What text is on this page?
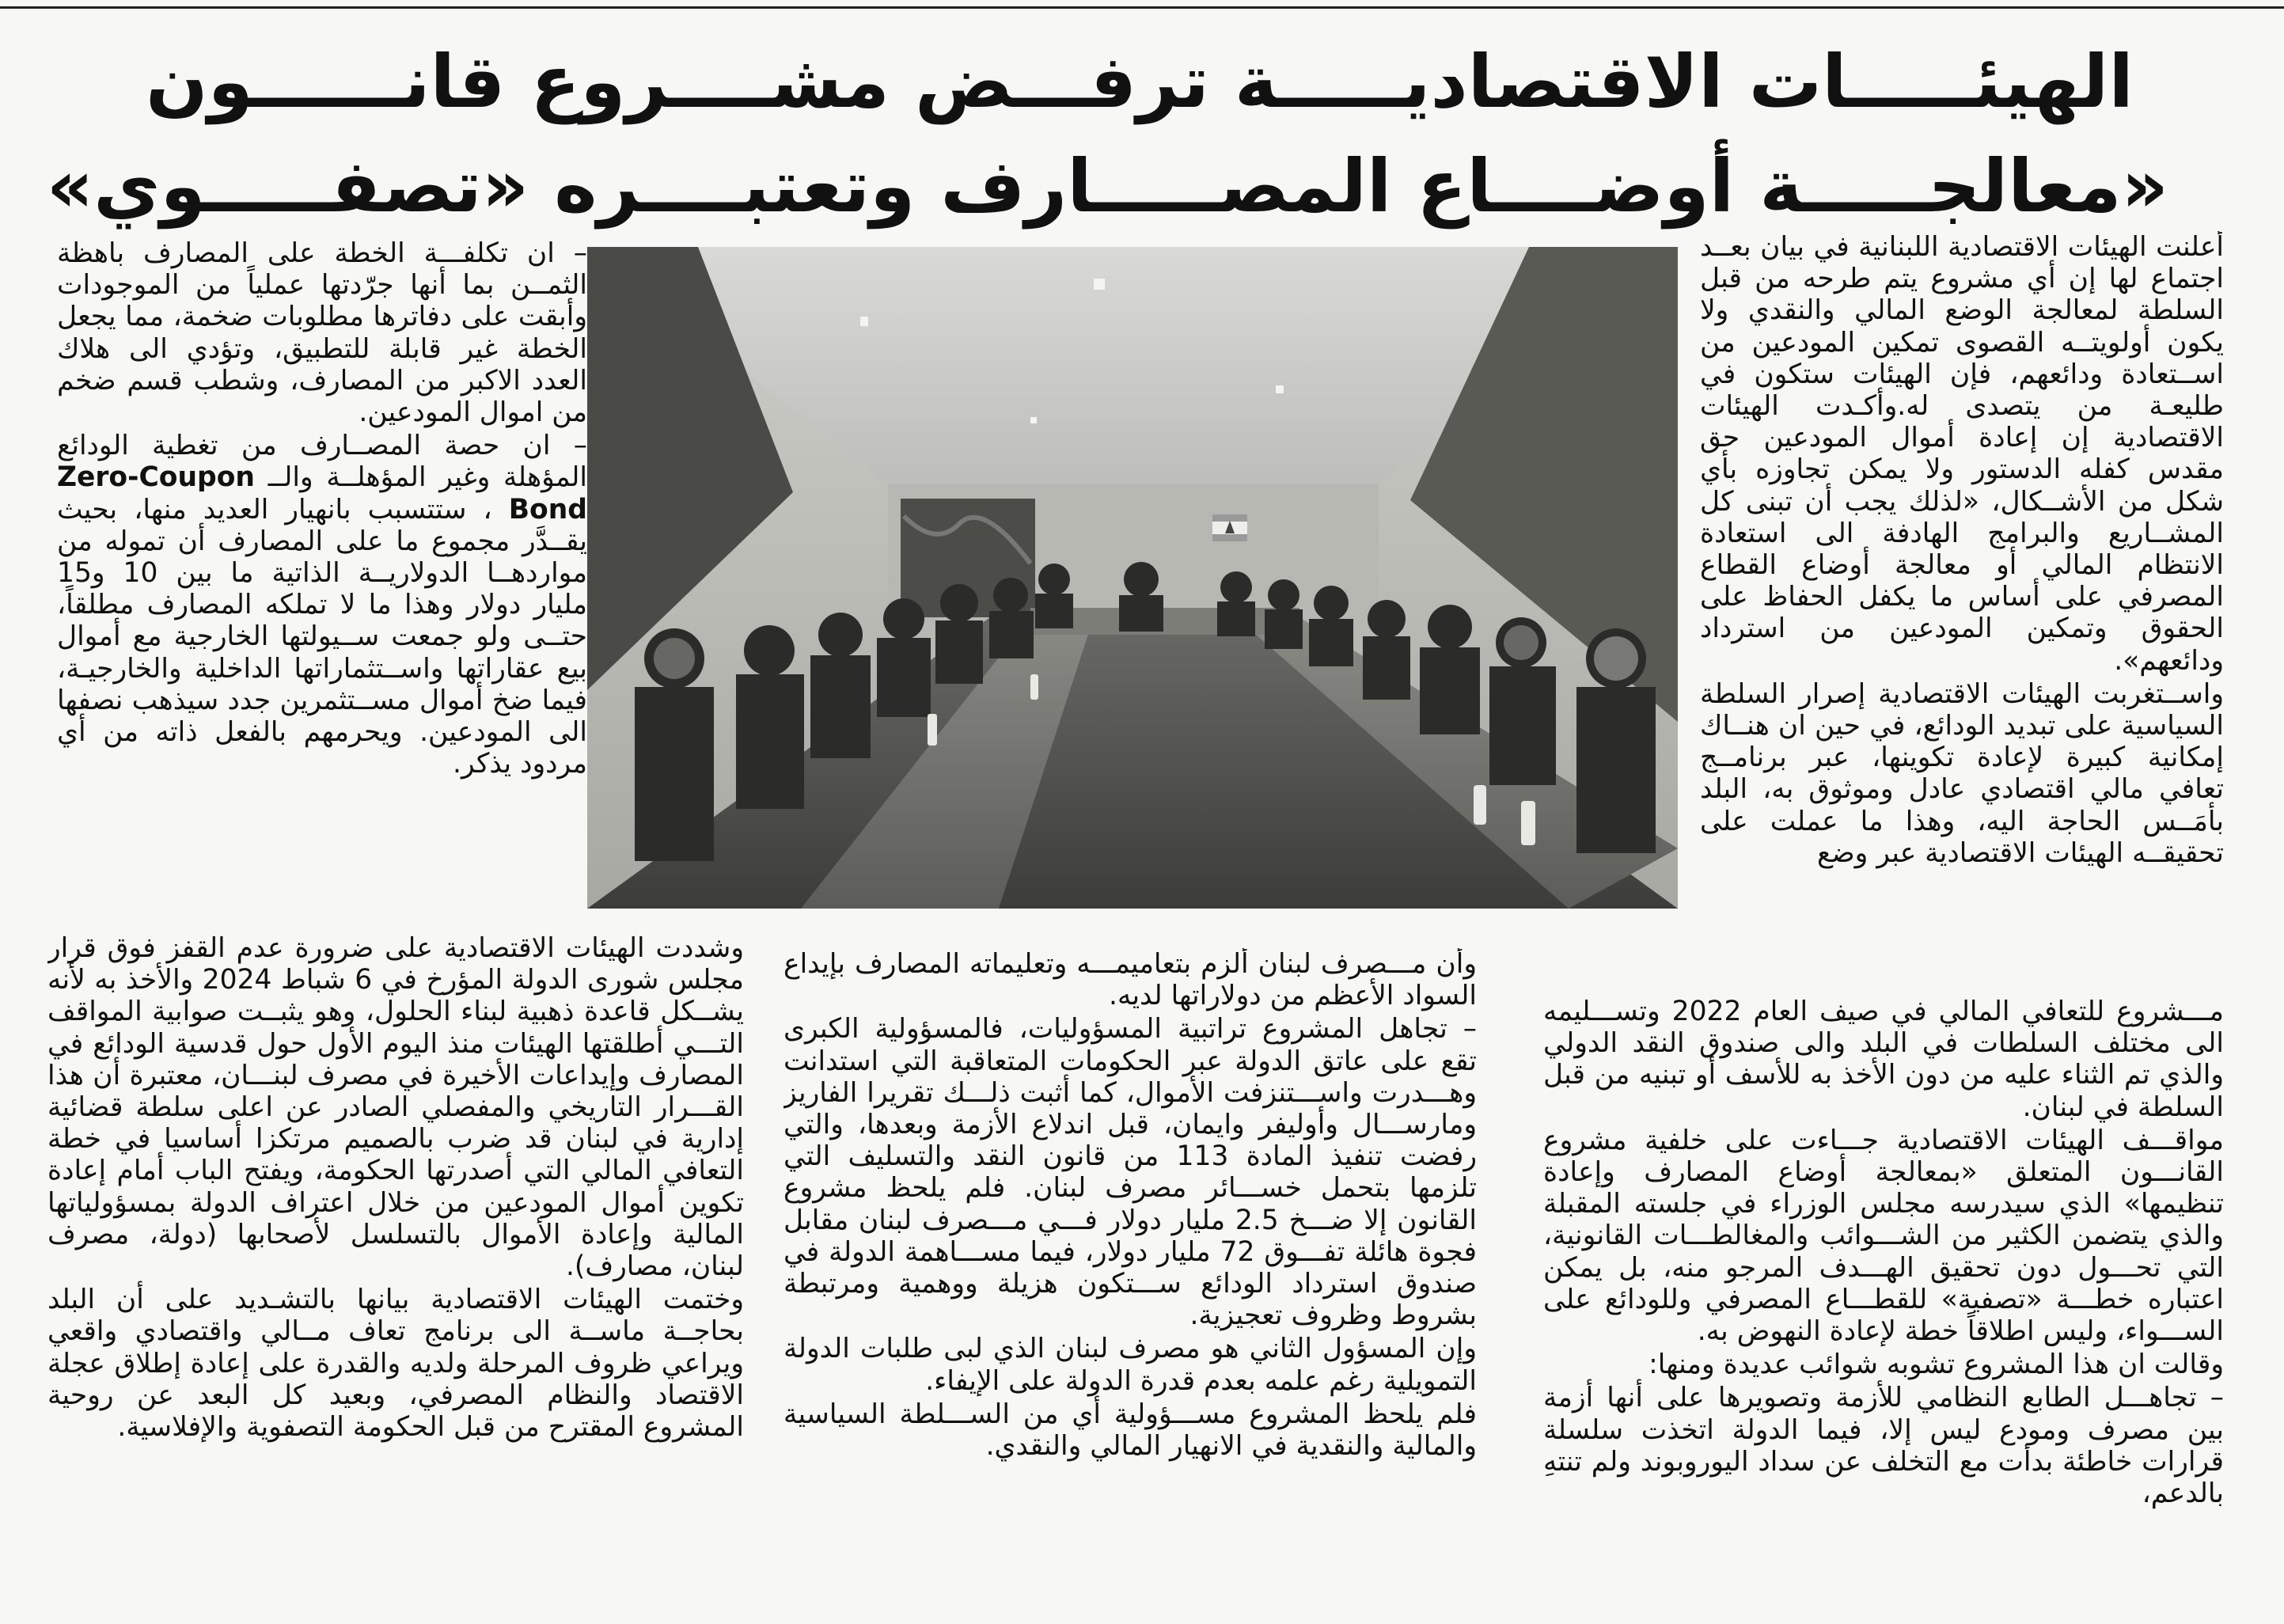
الهيئـــــات الاقتصاديـــــة ترفـــض مشــــروع قانــــــون
«معالجـــــة أوضــــاع المصـــــارف وتعتبــــره «تصفـــــوي»

أعلنت الهيئات الاقتصادية اللبنانية في بيان بعــد اجتماع لها إن أي مشروع يتم طرحه من قبل السلطة لمعالجة الوضع المالي والنقدي ولا يكون أولويتــه القصوى تمكين المودعين من اســتعادة ودائعهم، فإن الهيئات ستكون في طليعـة من يتصدى له.وأكـدت الهيئات الاقتصادية إن إعادة أموال المودعين حق مقدس كفله الدستور ولا يمكن تجاوزه بأي شكل من الأشــكال، «لذلك يجب أن تبنى كل المشــاريع والبرامج الهادفة الى استعادة الانتظام المالي أو معالجة أوضاع القطاع المصرفي على أساس ما يكفل الحفاظ على الحقوق وتمكين المودعين من استرداد ودائعهم».

واســتغربت الهيئات الاقتصادية إصرار السلطة السياسية على تبديد الودائع، في حين ان هنــاك إمكانية كبيرة لإعادة تكوينها، عبر برنامــج تعافي مالي اقتصادي عادل وموثوق به، البلد بأمَــس الحاجة اليه، وهذا ما عملت على تحقيقــه الهيئات الاقتصادية عبر وضع

– ان تكلفـــة الخطة على المصارف باهظة الثمــن بما أنها جرّدتها عملياً من الموجودات وأبقت على دفاترها مطلوبات ضخمة، مما يجعل الخطة غير قابلة للتطبيق، وتؤدي الى هلاك العدد الاكبر من المصارف، وشطب قسم ضخم من اموال المودعين.

– ان حصة المصــارف من تغطية الودائع المؤهلة وغير المؤهلــة والــ Zero-Coupon Bond ، ستتسبب بانهيار العديد منها، بحيث يقــدَّر مجموع ما على المصارف أن تموله من مواردهــا الدولاريــة الذاتية ما بين 10 و15 مليار دولار وهذا ما لا تملكه المصارف مطلقاً، حتــى ولو جمعت ســيولتها الخارجية مع أموال بيع عقاراتها واســتثماراتها الداخلية والخارجيـة، فيما ضخ أموال مســتثمرين جدد سيذهب نصفها الى المودعين. ويحرمهم بالفعل ذاته من أي مردود يذكر.

وشددت الهيئات الاقتصادية على ضرورة عدم القفز فوق قرار مجلس شورى الدولة المؤرخ في 6 شباط 2024 والأخذ به لأنه يشــكل قاعدة ذهبية لبناء الحلول، وهو يثبــت صوابية المواقف التـــي أطلقتها الهيئات منذ اليوم الأول حول قدسية الودائع في المصارف وإيداعات الأخيرة في مصرف لبنـــان، معتبرة أن هذا القـــرار التاريخي والمفصلي الصادر عن اعلى سلطة قضائية إدارية في لبنان قد ضرب بالصميم مرتكزا أساسيا في خطة التعافي المالي التي أصدرتها الحكومة، ويفتح الباب أمام إعادة تكوين أموال المودعين من خلال اعتراف الدولة بمسؤولياتها المالية وإعادة الأموال بالتسلسل لأصحابها (دولة، مصرف لبنان، مصارف).

وختمت الهيئات الاقتصادية بيانها بالتشـديد على أن البلد بحاجــة ماســة الى برنامج تعاف مــالي واقتصادي واقعي ويراعي ظروف المرحلة ولديه والقدرة على إعادة إطلاق عجلة الاقتصاد والنظام المصرفي، وبعيد كل البعد عن روحية المشروع المقترح من قبل الحكومة التصفوية والإفلاسية.

وأن مـــصرف لبنان ألزم بتعاميمـــه وتعليماته المصارف بإيداع السواد الأعظم من دولاراتها لديه.

– تجاهل المشروع تراتبية المسؤوليات، فالمسؤولية الكبرى تقع على عاتق الدولة عبر الحكومات المتعاقبة التي استدانت وهـــدرت واســـتنزفت الأموال، كما أثبت ذلـــك تقريرا الفاريز ومارســـال وأوليفر وايمان، قبل اندلاع الأزمة وبعدها، والتي رفضت تنفيذ المادة 113 من قانون النقد والتسليف التي تلزمها بتحمل خســـائر مصرف لبنان. فلم يلحظ مشروع القانون إلا ضـــخ 2.5 مليار دولار فـــي مـــصرف لبنان مقابل فجوة هائلة تفـــوق 72 مليار دولار، فيما مســـاهمة الدولة في صندوق استرداد الودائع ســـتكون هزيلة ووهمية ومرتبطة بشروط وظروف تعجيزية.

وإن المسؤول الثاني هو مصرف لبنان الذي لبى طلبات الدولة التمويلية رغم علمه بعدم قدرة الدولة على الإيفاء.

فلم يلحظ المشروع مســـؤولية أي من الســـلطة السياسية والمالية والنقدية في الانهيار المالي والنقدي.

مـــشروع للتعافي المالي في صيف العام 2022 وتســـليمه الى مختلف السلطات في البلد والى صندوق النقد الدولي والذي تم الثناء عليه من دون الأخذ به للأسف أو تبنيه من قبل السلطة في لبنان.

مواقـــف الهيئات الاقتصادية جـــاءت على خلفية مشروع القانـــون المتعلق «بمعالجة أوضاع المصارف وإعادة تنظيمها» الذي سيدرسه مجلس الوزراء في جلسته المقبلة والذي يتضمن الكثير من الشـــوائب والمغالطـــات القانونية، التي تحـــول دون تحقيق الهـــدف المرجو منه، بل يمكن اعتباره خطـــة «تصفية» للقطـــاع المصرفي وللودائع على الســـواء، وليس اطلاقاً خطة لإعادة النهوض به.

وقالت ان هذا المشروع تشوبه شوائب عديدة ومنها:

– تجاهـــل الطابع النظامي للأزمة وتصويرها على أنها أزمة بين مصرف ومودع ليس إلا، فيما الدولة اتخذت سلسلة قرارات خاطئة بدأت مع التخلف عن سداد اليوروبوند ولم تنتهِ بالدعم،
